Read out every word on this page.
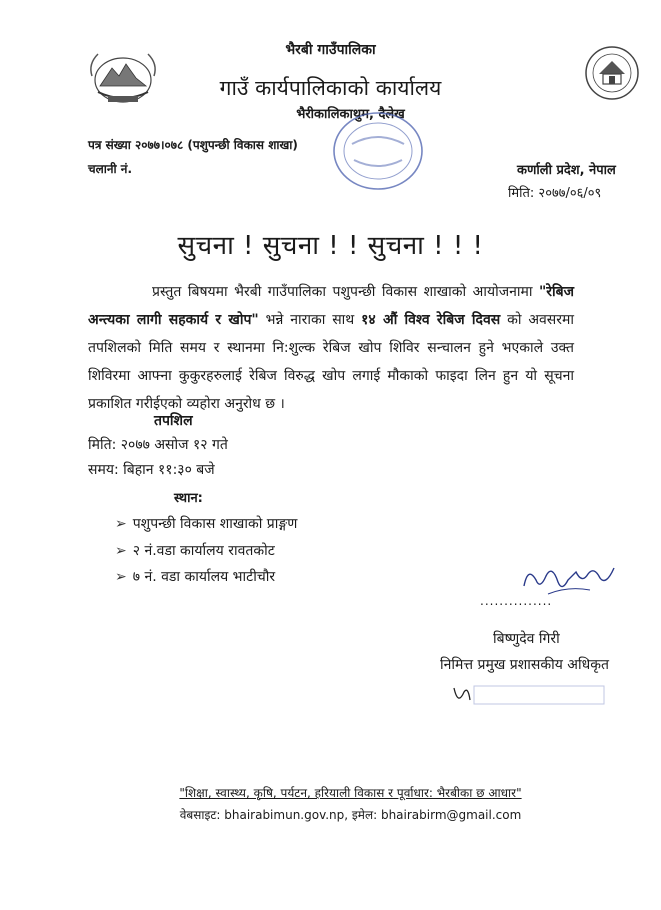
भैरबी गाउँपालिका
गाउँ कार्यपालिकाको कार्यालय
भैरीकालिकाथुम, दैलेख
पत्र संख्या २०७७।०७८ (पशुपन्छी विकास शाखा)
चलानी नं.	कर्णाली प्रदेश, नेपाल
मिति: २०७७/०६/०९
सुचना ! सुचना ! ! सुचना ! ! !
प्रस्तुत बिषयमा भैरबी गाउँपालिका पशुपन्छी विकास शाखाको आयोजनामा "रेबिज अन्त्यका लागी सहकार्य र खोप" भन्ने नाराका साथ १४ औं विश्व रेबिज दिवस को अवसरमा तपशिलको मिति समय र स्थानमा नि:शुल्क रेबिज खोप शिविर सन्चालन हुने भएकाले उक्त शिविरमा आफ्ना कुकुरहरुलाई रेबिज विरुद्ध खोप लगाई मौकाको फाइदा लिन हुन यो सूचना प्रकाशित गरीईएको व्यहोरा अनुरोध छ ।
तपशिल
मिति: २०७७ असोज १२ गते
समय: बिहान ११:३० बजे
स्थान:
➢ पशुपन्छी विकास शाखाको प्राङ्गण
➢ २ नं.वडा कार्यालय रावतकोट
➢ ७ नं. वडा कार्यालय भाटीचौर
...............
बिष्णुदेव गिरी
निमित्त प्रमुख प्रशासकीय अधिकृत
"शिक्षा, स्वास्थ्य, कृषि, पर्यटन, हरियाली विकास र पूर्वाधार: भैरबीका छ आधार"
वेबसाइट: bhairabimun.gov.np, इमेल: bhairabirm@gmail.com
